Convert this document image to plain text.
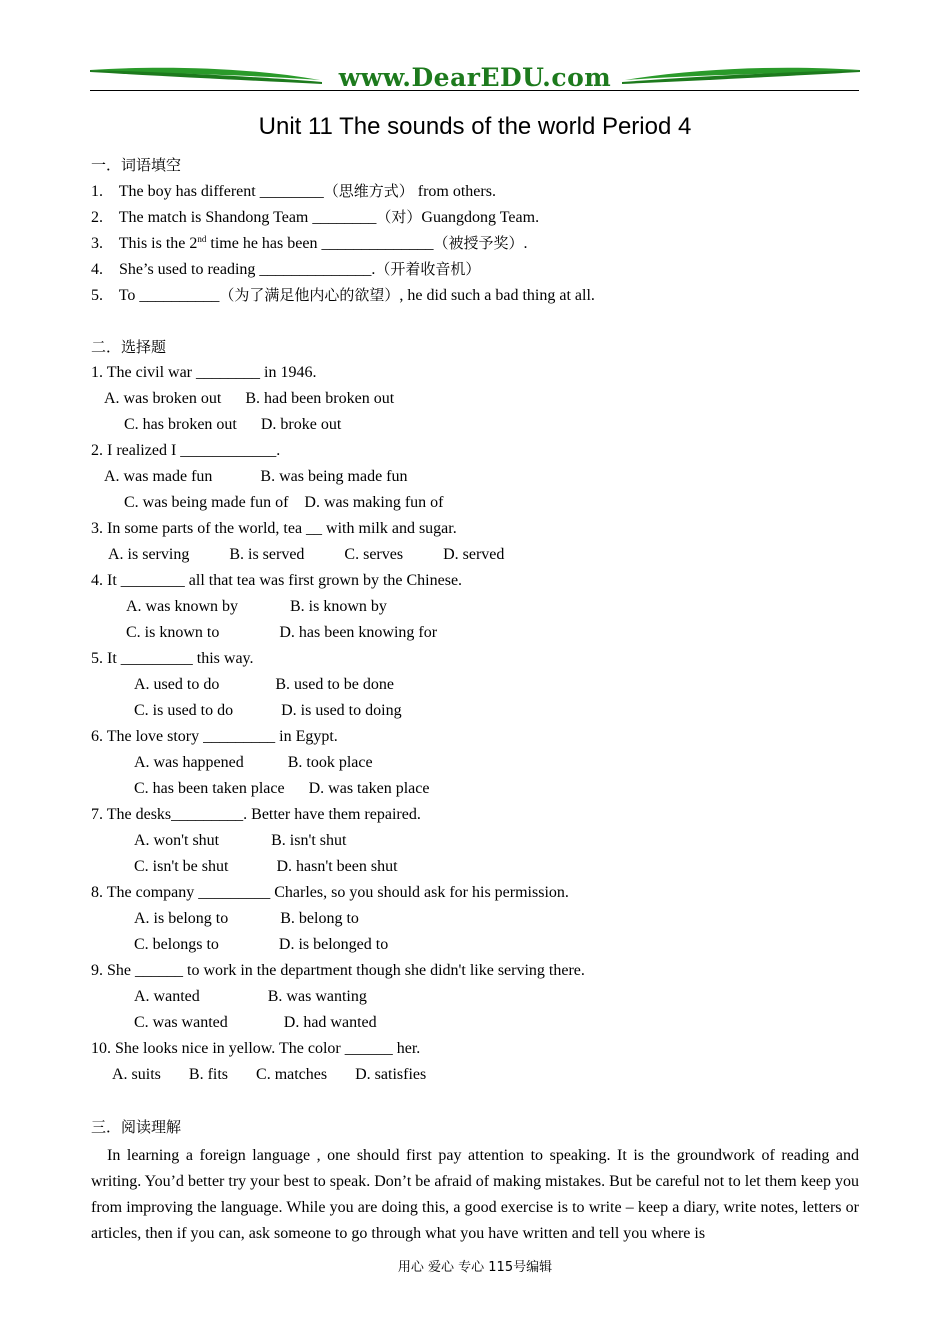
www.DearEDU.com
Unit 11 The sounds of the world Period 4
一．词语填空
1. The boy has different ________（思维方式） from others.
2. The match is Shandong Team ________（对）Guangdong Team.
3. This is the 2nd time he has been ______________（被授予奖）.
4. She’s used to reading ______________.（开着收音机）
5. To __________（为了满足他内心的欲望）, he did such a bad thing at all.
二．选择题
1. The civil war ________ in 1946.
A. was broken out      B. had been broken out
C. has broken out      D. broke out
2. I realized I ____________.
A. was made fun            B. was being made fun
C. was being made fun of    D. was making fun of
3. In some parts of the world, tea __ with milk and sugar.
A. is serving          B. is served          C. serves          D. served
4. It ________ all that tea was first grown by the Chinese.
A. was known by             B. is known by
C. is known to               D. has been knowing for
5. It _________ this way.
A. used to do              B. used to be done
C. is used to do            D. is used to doing
6. The love story _________ in Egypt.
A. was happened           B. took place
C. has been taken place      D. was taken place
7. The desks_________. Better have them repaired.
A. won't shut             B. isn't shut
C. isn't be shut            D. hasn't been shut
8. The company _________ Charles, so you should ask for his permission.
A. is belong to             B. belong to
C. belongs to               D. is belonged to
9. She ______ to work in the department though she didn't like serving there.
A. wanted                 B. was wanting
C. was wanted              D. had wanted
10. She looks nice in yellow. The color ______ her.
A. suits       B. fits       C. matches       D. satisfies
三．阅读理解
In learning a foreign language , one should first pay attention to speaking. It is the groundwork of reading and writing. You’d better try your best to speak. Don’t be afraid of making mistakes. But be careful not to let them keep you from improving the language. While you are doing this, a good exercise is to write – keep a diary, write notes, letters or articles, then if you can, ask someone to go through what you have written and tell you where is
用心 爱心 专心 115号编辑
